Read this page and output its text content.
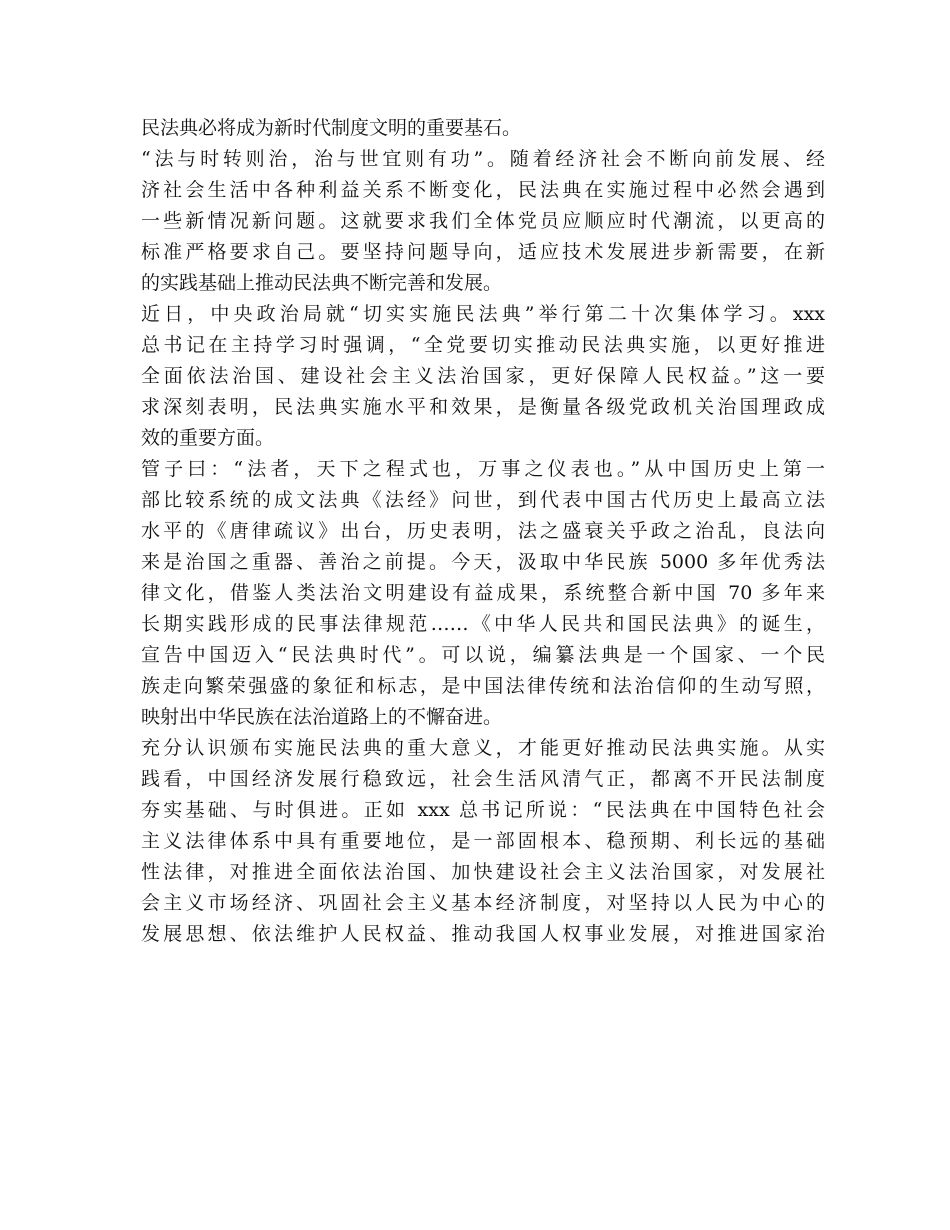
民法典必将成为新时代制度文明的重要基石。
“法与时转则治，治与世宜则有功”。随着经济社会不断向前发展、经
济社会生活中各种利益关系不断变化，民法典在实施过程中必然会遇到
一些新情况新问题。这就要求我们全体党员应顺应时代潮流，以更高的
标准严格要求自己。要坚持问题导向，适应技术发展进步新需要，在新
的实践基础上推动民法典不断完善和发展。
近日，中央政治局就“切实实施民法典”举行第二十次集体学习。xxx
总书记在主持学习时强调，“全党要切实推动民法典实施，以更好推进
全面依法治国、建设社会主义法治国家，更好保障人民权益。”这一要
求深刻表明，民法典实施水平和效果，是衡量各级党政机关治国理政成
效的重要方面。
管子曰：“法者，天下之程式也，万事之仪表也。”从中国历史上第一
部比较系统的成文法典《法经》问世，到代表中国古代历史上最高立法
水平的《唐律疏议》出台，历史表明，法之盛衰关乎政之治乱，良法向
来是治国之重器、善治之前提。今天，汲取中华民族 5000 多年优秀法
律文化，借鉴人类法治文明建设有益成果，系统整合新中国 70 多年来
长期实践形成的民事法律规范……《中华人民共和国民法典》的诞生，
宣告中国迈入“民法典时代”。可以说，编纂法典是一个国家、一个民
族走向繁荣强盛的象征和标志，是中国法律传统和法治信仰的生动写照，
映射出中华民族在法治道路上的不懈奋进。
充分认识颁布实施民法典的重大意义，才能更好推动民法典实施。从实
践看，中国经济发展行稳致远，社会生活风清气正，都离不开民法制度
夯实基础、与时俱进。正如 xxx 总书记所说：“民法典在中国特色社会
主义法律体系中具有重要地位，是一部固根本、稳预期、利长远的基础
性法律，对推进全面依法治国、加快建设社会主义法治国家，对发展社
会主义市场经济、巩固社会主义基本经济制度，对坚持以人民为中心的
发展思想、依法维护人民权益、推动我国人权事业发展，对推进国家治
